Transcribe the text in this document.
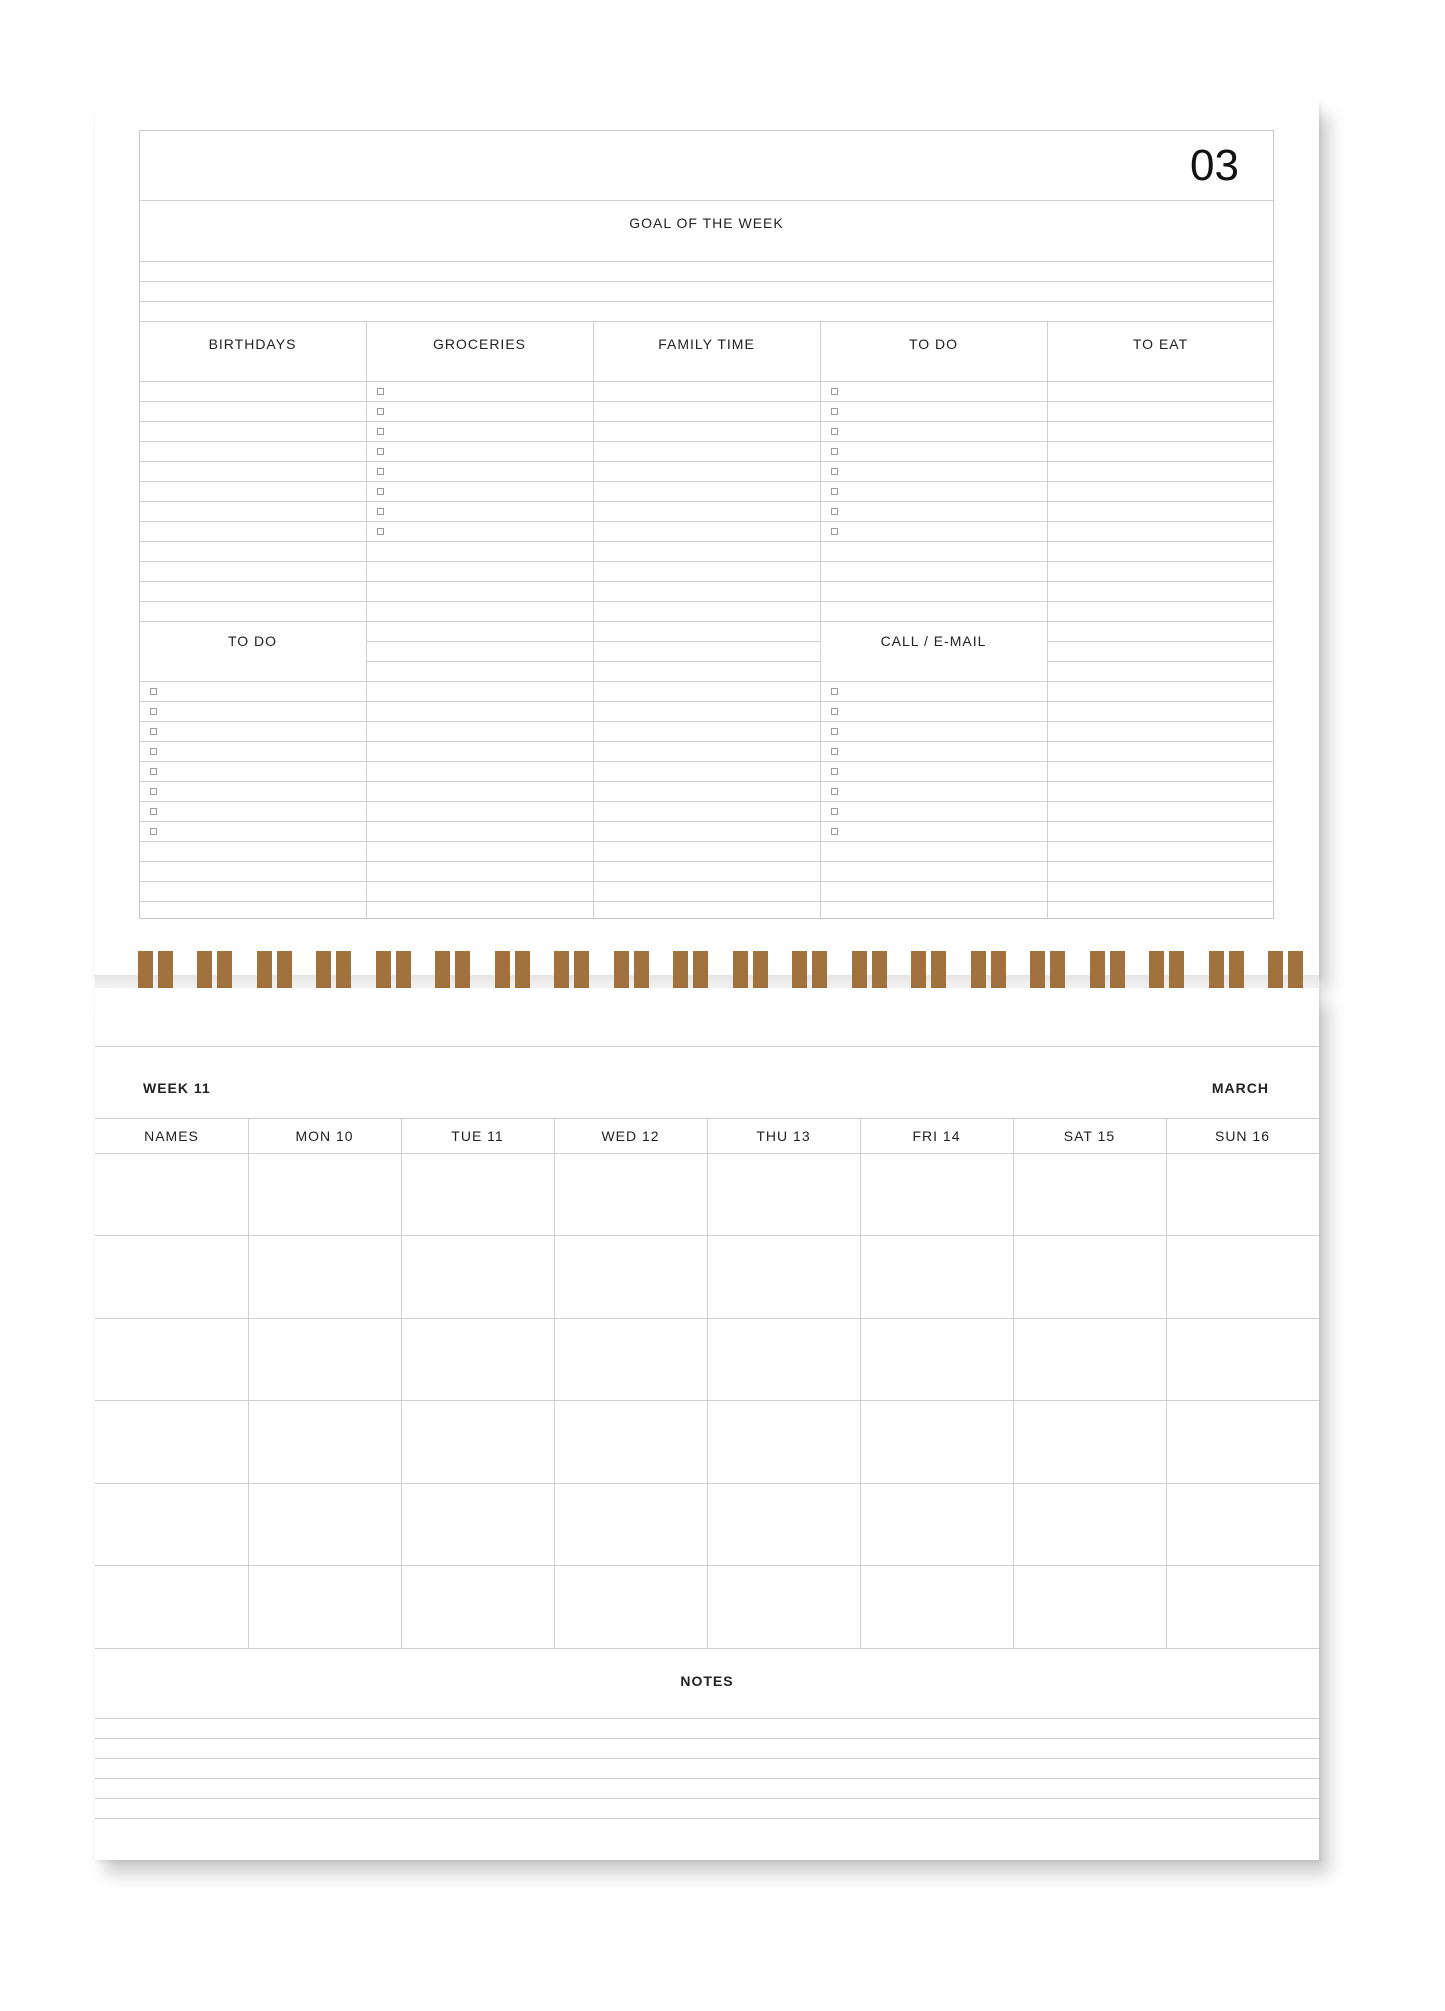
03
GOAL OF THE WEEK
BIRTHDAYS	GROCERIES	FAMILY TIME	TO DO	TO EAT
TO DO	CALL / E-MAIL
WEEK 11	MARCH
NAMES	MON 10	TUE 11	WED 12	THU 13	FRI 14	SAT 15	SUN 16
NOTES
